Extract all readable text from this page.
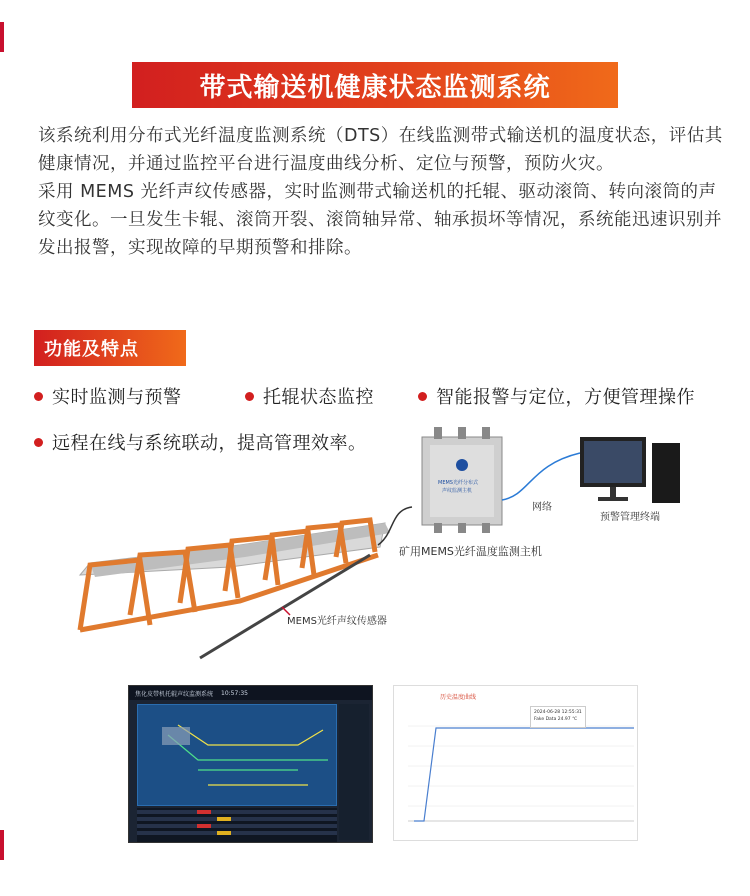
带式输送机健康状态监测系统

该系统利用分布式光纤温度监测系统（DTS）在线监测带式输送机的温度状态，评估其健康情况，并通过监控平台进行温度曲线分析、定位与预警，预防火灾。

采用 MEMS 光纤声纹传感器，实时监测带式输送机的托辊、驱动滚筒、转向滚筒的声纹变化。一旦发生卡辊、滚筒开裂、滚筒轴异常、轴承损坏等情况，系统能迅速识别并发出报警，实现故障的早期预警和排除。

功能及特点
实时监测与预警	托辊状态监控	智能报警与定位，方便管理操作
远程在线与系统联动，提高管理效率。
矿用MEMS光纤温度监测主机
网络
预警管理终端
MEMS光纤声纹传感器
MEMS光纤分布式
声纹监测主机
焦化皮带机托辊声纹监测系统 10:57:35
历史温度曲线
2024-06-28 12:55:31
Fake Data 24.97 ℃
